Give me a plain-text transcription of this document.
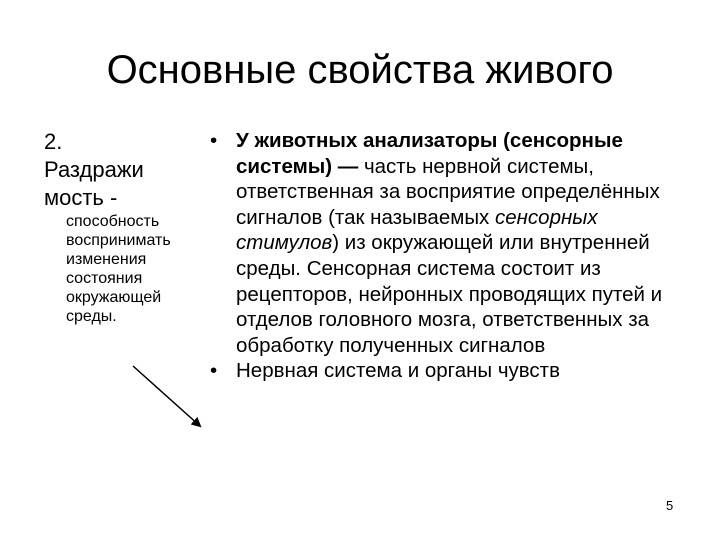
Основные свойства живого

2.

Раздражи

мость -

способность

воспринимать

изменения

состояния

окружающей

среды.

• У животных анализаторы (сенсорные системы) — часть нервной системы, ответственная за восприятие определённых сигналов (так называемых сенсорных стимулов) из окружающей или внутренней среды. Сенсорная система состоит из рецепторов, нейронных проводящих путей и отделов головного мозга, ответственных за обработку полученных сигналов
• Нервная система и органы чувств
5
